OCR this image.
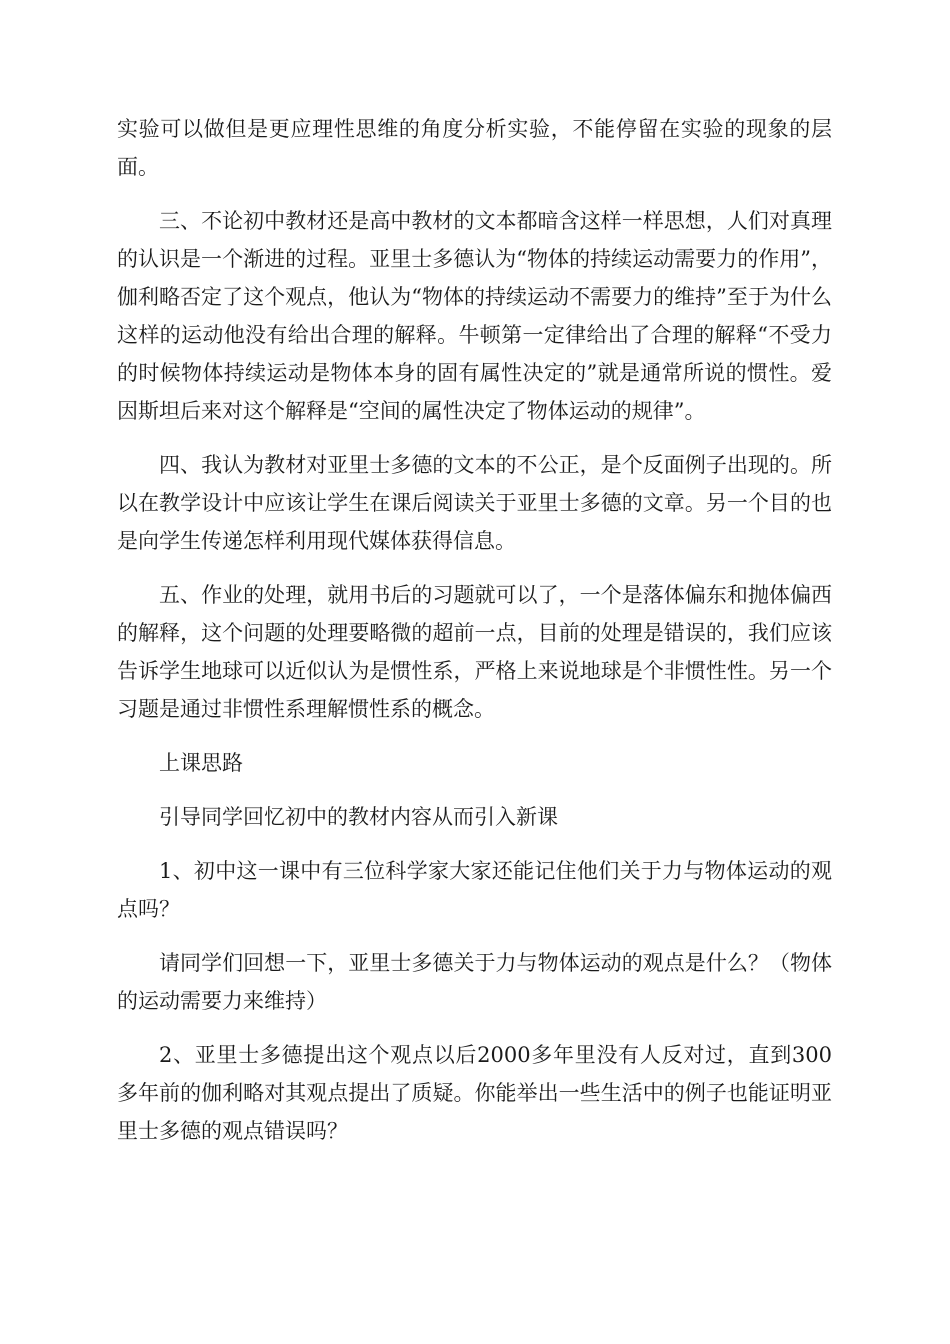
实验可以做但是更应理性思维的角度分析实验，不能停留在实验的现象的层面。

三、不论初中教材还是高中教材的文本都暗含这样一样思想，人们对真理的认识是一个渐进的过程。亚里士多德认为“物体的持续运动需要力的作用”，伽利略否定了这个观点，他认为“物体的持续运动不需要力的维持”至于为什么这样的运动他没有给出合理的解释。牛顿第一定律给出了合理的解释“不受力的时候物体持续运动是物体本身的固有属性决定的”就是通常所说的惯性。爱因斯坦后来对这个解释是“空间的属性决定了物体运动的规律”。

四、我认为教材对亚里士多德的文本的不公正，是个反面例子出现的。所以在教学设计中应该让学生在课后阅读关于亚里士多德的文章。另一个目的也是向学生传递怎样利用现代媒体获得信息。

五、作业的处理，就用书后的习题就可以了，一个是落体偏东和抛体偏西的解释，这个问题的处理要略微的超前一点，目前的处理是错误的，我们应该告诉学生地球可以近似认为是惯性系，严格上来说地球是个非惯性性。另一个习题是通过非惯性系理解惯性系的概念。

上课思路

引导同学回忆初中的教材内容从而引入新课

1、初中这一课中有三位科学家大家还能记住他们关于力与物体运动的观点吗？

请同学们回想一下，亚里士多德关于力与物体运动的观点是什么？（物体的运动需要力来维持）

2、亚里士多德提出这个观点以后2000多年里没有人反对过，直到300多年前的伽利略对其观点提出了质疑。你能举出一些生活中的例子也能证明亚里士多德的观点错误吗？
